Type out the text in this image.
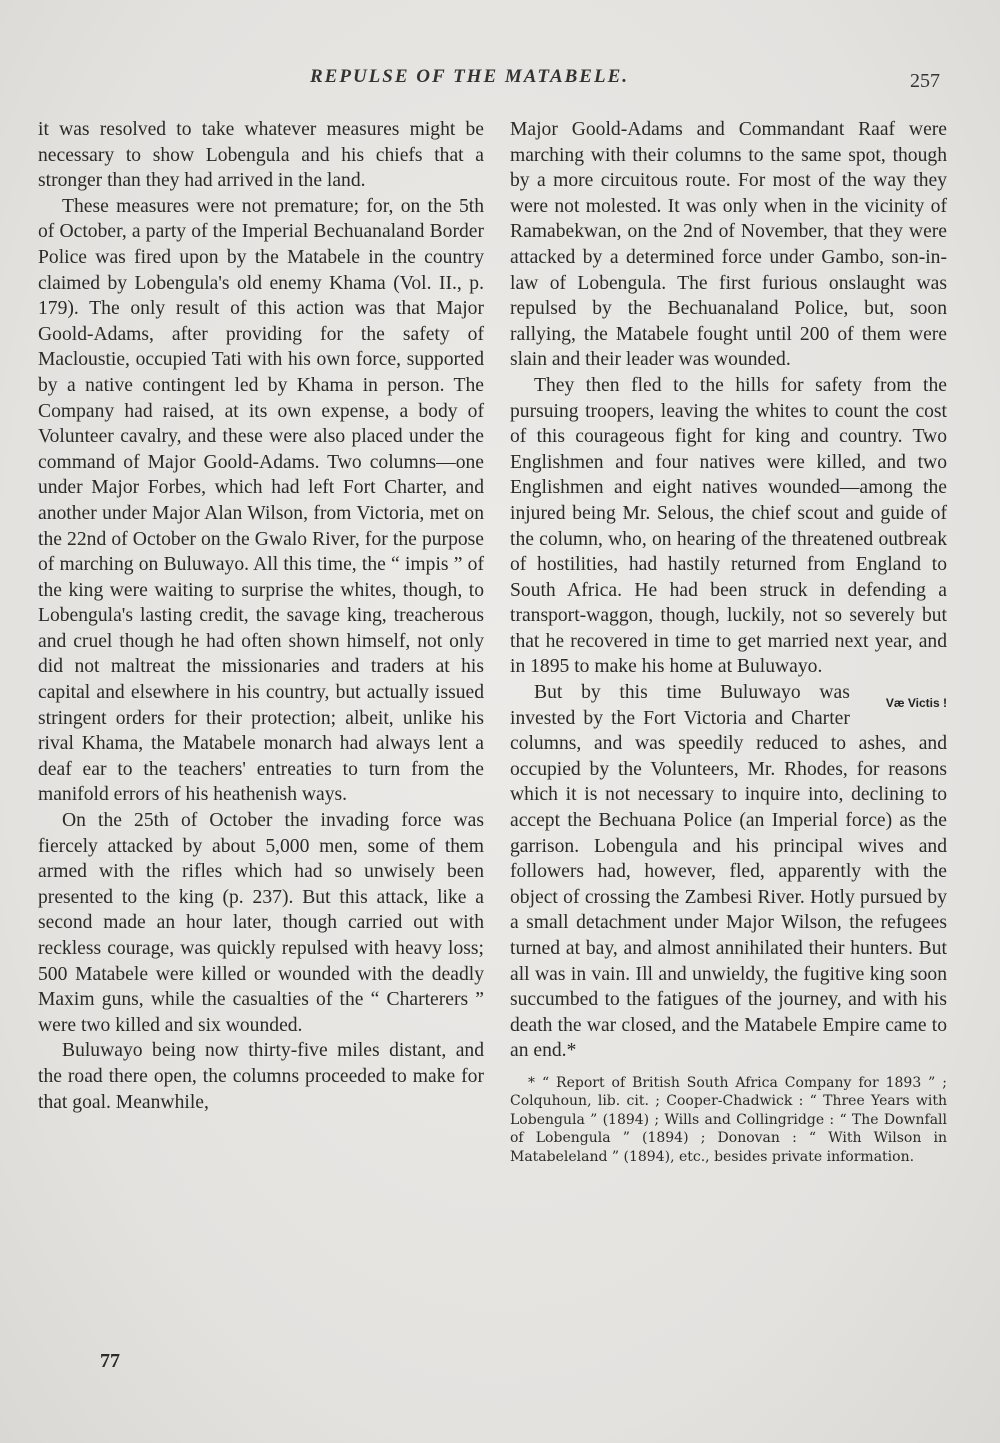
REPULSE OF THE MATABELE.	257

it was resolved to take whatever measures might be necessary to show Lobengula and his chiefs that a stronger than they had arrived in the land.

These measures were not premature; for, on the 5th of October, a party of the Imperial Bechuanaland Border Police was fired upon by the Matabele in the country claimed by Lobengula's old enemy Khama (Vol. II., p. 179). The only result of this action was that Major Goold-Adams, after providing for the safety of Macloustie, occupied Tati with his own force, supported by a native contingent led by Khama in person. The Company had raised, at its own expense, a body of Volunteer cavalry, and these were also placed under the command of Major Goold-Adams. Two columns—one under Major Forbes, which had left Fort Charter, and another under Major Alan Wilson, from Victoria, met on the 22nd of October on the Gwalo River, for the purpose of marching on Buluwayo. All this time, the “ impis ” of the king were waiting to surprise the whites, though, to Lobengula's lasting credit, the savage king, treacherous and cruel though he had often shown himself, not only did not maltreat the missionaries and traders at his capital and elsewhere in his country, but actually issued stringent orders for their protection; albeit, unlike his rival Khama, the Matabele monarch had always lent a deaf ear to the teachers' entreaties to turn from the manifold errors of his heathenish ways.

On the 25th of October the invading force was fiercely attacked by about 5,000 men, some of them armed with the rifles which had so unwisely been presented to the king (p. 237). But this attack, like a second made an hour later, though carried out with reckless courage, was quickly repulsed with heavy loss; 500 Matabele were killed or wounded with the deadly Maxim guns, while the casualties of the “ Charterers ” were two killed and six wounded.

Buluwayo being now thirty-five miles distant, and the road there open, the columns proceeded to make for that goal. Meanwhile,

Major Goold-Adams and Commandant Raaf were marching with their columns to the same spot, though by a more circuitous route. For most of the way they were not molested. It was only when in the vicinity of Ramabekwan, on the 2nd of November, that they were attacked by a determined force under Gambo, son-in-law of Lobengula. The first furious onslaught was repulsed by the Bechuanaland Police, but, soon rallying, the Matabele fought until 200 of them were slain and their leader was wounded.

They then fled to the hills for safety from the pursuing troopers, leaving the whites to count the cost of this courageous fight for king and country. Two Englishmen and four natives were killed, and two Englishmen and eight natives wounded—among the injured being Mr. Selous, the chief scout and guide of the column, who, on hearing of the threatened outbreak of hostilities, had hastily returned from England to South Africa. He had been struck in defending a transport-waggon, though, luckily, not so severely but that he recovered in time to get married next year, and in 1895 to make his home at Buluwayo.

Væ Victis !
But by this time Buluwayo was invested by the Fort Victoria and Charter columns, and was speedily reduced to ashes, and occupied by the Volunteers, Mr. Rhodes, for reasons which it is not necessary to inquire into, declining to accept the Bechuana Police (an Imperial force) as the garrison. Lobengula and his principal wives and followers had, however, fled, apparently with the object of crossing the Zambesi River. Hotly pursued by a small detachment under Major Wilson, the refugees turned at bay, and almost annihilated their hunters. But all was in vain. Ill and unwieldy, the fugitive king soon succumbed to the fatigues of the journey, and with his death the war closed, and the Matabele Empire came to an end.*

* “ Report of British South Africa Company for 1893 ” ; Colquhoun, lib. cit. ; Cooper-Chadwick : “ Three Years with Lobengula ” (1894) ; Wills and Collingridge : “ The Downfall of Lobengula ” (1894) ; Donovan : “ With Wilson in Matabeleland ” (1894), etc., besides private information.
77
